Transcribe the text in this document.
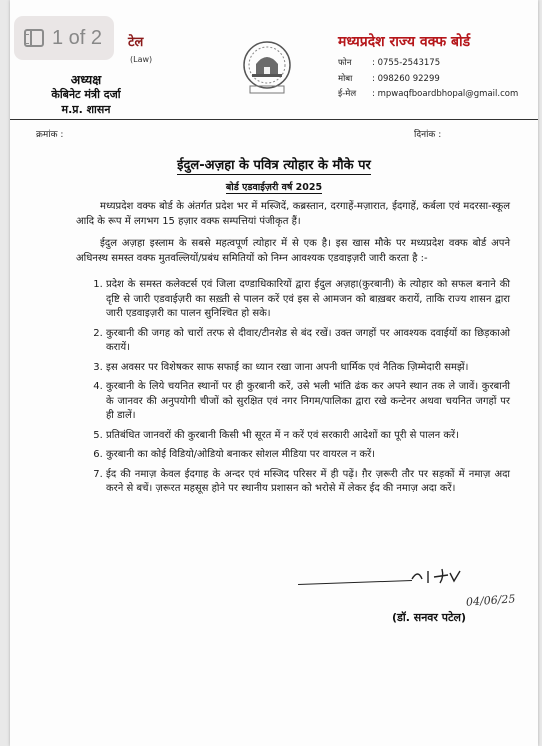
टेल
(Law)
अध्यक्ष
केबिनेट मंत्री दर्जा
म.प्र. शासन
मध्यप्रदेश राज्य वक्फ बोर्ड
फोन : 0755-2543175
मोबा : 098260 92299
ई-मेल : mpwaqfboardbhopal@gmail.com
क्रमांक :	दिनांक :
ईदुल-अज़हा के पवित्र त्योहार के मौके पर
बोर्ड एडवाईज़री वर्ष 2025

मध्यप्रदेश वक्फ बोर्ड के अंतर्गत प्रदेश भर में मस्जिदें, कब्रस्तान, दरगाहें-मज़ारात, ईदगाहें, कर्बला एवं मदरसा-स्कूल आदि के रूप में लगभग 15 हज़ार वक्फ सम्पत्तियां पंजीकृत हैं।

ईदुल अज़हा इस्लाम के सबसे महत्वपूर्ण त्योहार में से एक है। इस खास मौके पर मध्यप्रदेश वक्फ बोर्ड अपने अधिनस्थ समस्त वक्फ मुतवल्लियों/प्रबंध समितियों को निम्न आवश्यक एडवाइज़री जारी करता है :-

1. प्रदेश के समस्त कलेक्टर्स एवं जिला दण्डाधिकारियों द्वारा ईदुल अज़हा(कुरबानी) के त्योहार को सफल बनाने की दृष्टि से जारी एडवाईज़री का सख़्ती से पालन करें एवं इस से आमजन को बाख़बर करायें, ताकि राज्य शासन द्वारा जारी एडवाइज़री का पालन सुनिश्चित हो सके।
2. कुरबानी की जगह को चारों तरफ से दीवार/टीनशेड से बंद रखें। उक्त जगहों पर आवश्यक दवाईयों का छिड़काओ करायें।
3. इस अवसर पर विशेषकर साफ सफाई का ध्यान रखा जाना अपनी धार्मिक एवं नैतिक ज़िम्मेदारी समझें।
4. कुरबानी के लिये चयनित स्थानों पर ही कुरबानी करें, उसे भली भांति ढंक कर अपने स्थान तक ले जावें। कुरबानी के जानवर की अनुपयोगी चीजों को सुरक्षित एवं नगर निगम/पालिका द्वारा रखे कन्टेनर अथवा चयनित जगहों पर ही डालें।
5. प्रतिबंधित जानवरों की कुरबानी किसी भी सूरत में न करें एवं सरकारी आदेशों का पूरी से पालन करें।
6. कुरबानी का कोई विडियो/ओडियो बनाकर सोशल मीडिया पर वायरल न करें।
7. ईद की नमाज़ केवल ईदगाह के अन्दर एवं मस्जिद परिसर में ही पढ़ें। ग़ैर ज़रूरी तौर पर सड़कों में नमाज़ अदा करने से बचें। ज़रूरत महसूस होने पर स्थानीय प्रशासन को भरोसे में लेकर ईद की नमाज़ अदा करें।
04/06/25
(डॉ. सनवर पटेल)
1 of 2
